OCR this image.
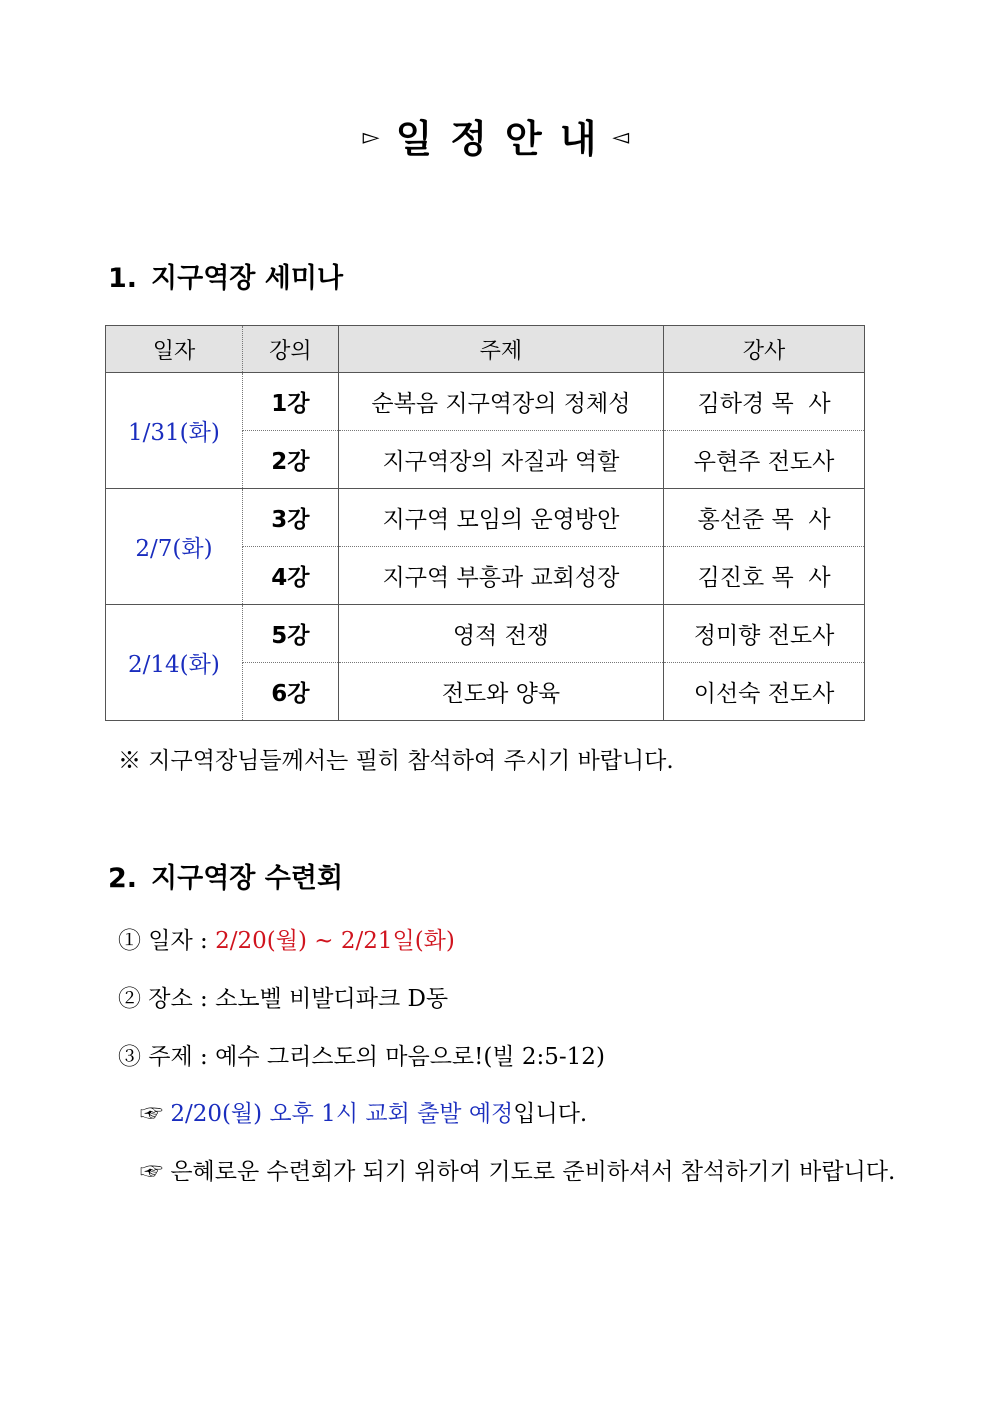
▻ 일정안내◅
1. 지구역장 세미나
일자	강의	주제	강사
1/31(화)	1강	순복음 지구역장의 정체성	김하경 목  사
	2강	지구역장의 자질과 역할	우현주 전도사
2/7(화)	3강	지구역 모임의 운영방안	홍선준 목  사
	4강	지구역 부흥과 교회성장	김진호 목  사
2/14(화)	5강	영적 전쟁	정미향 전도사
	6강	전도와 양육	이선숙 전도사
※ 지구역장님들께서는 필히 참석하여 주시기 바랍니다.
2. 지구역장 수련회
① 일자 : 2/20(월) ~ 2/21일(화)
② 장소 : 소노벨 비발디파크 D동
③ 주제 : 예수 그리스도의 마음으로!(빌 2:5-12)
☞ 2/20(월) 오후 1시 교회 출발 예정입니다.
☞ 은혜로운 수련회가 되기 위하여 기도로 준비하셔서 참석하기기 바랍니다.
